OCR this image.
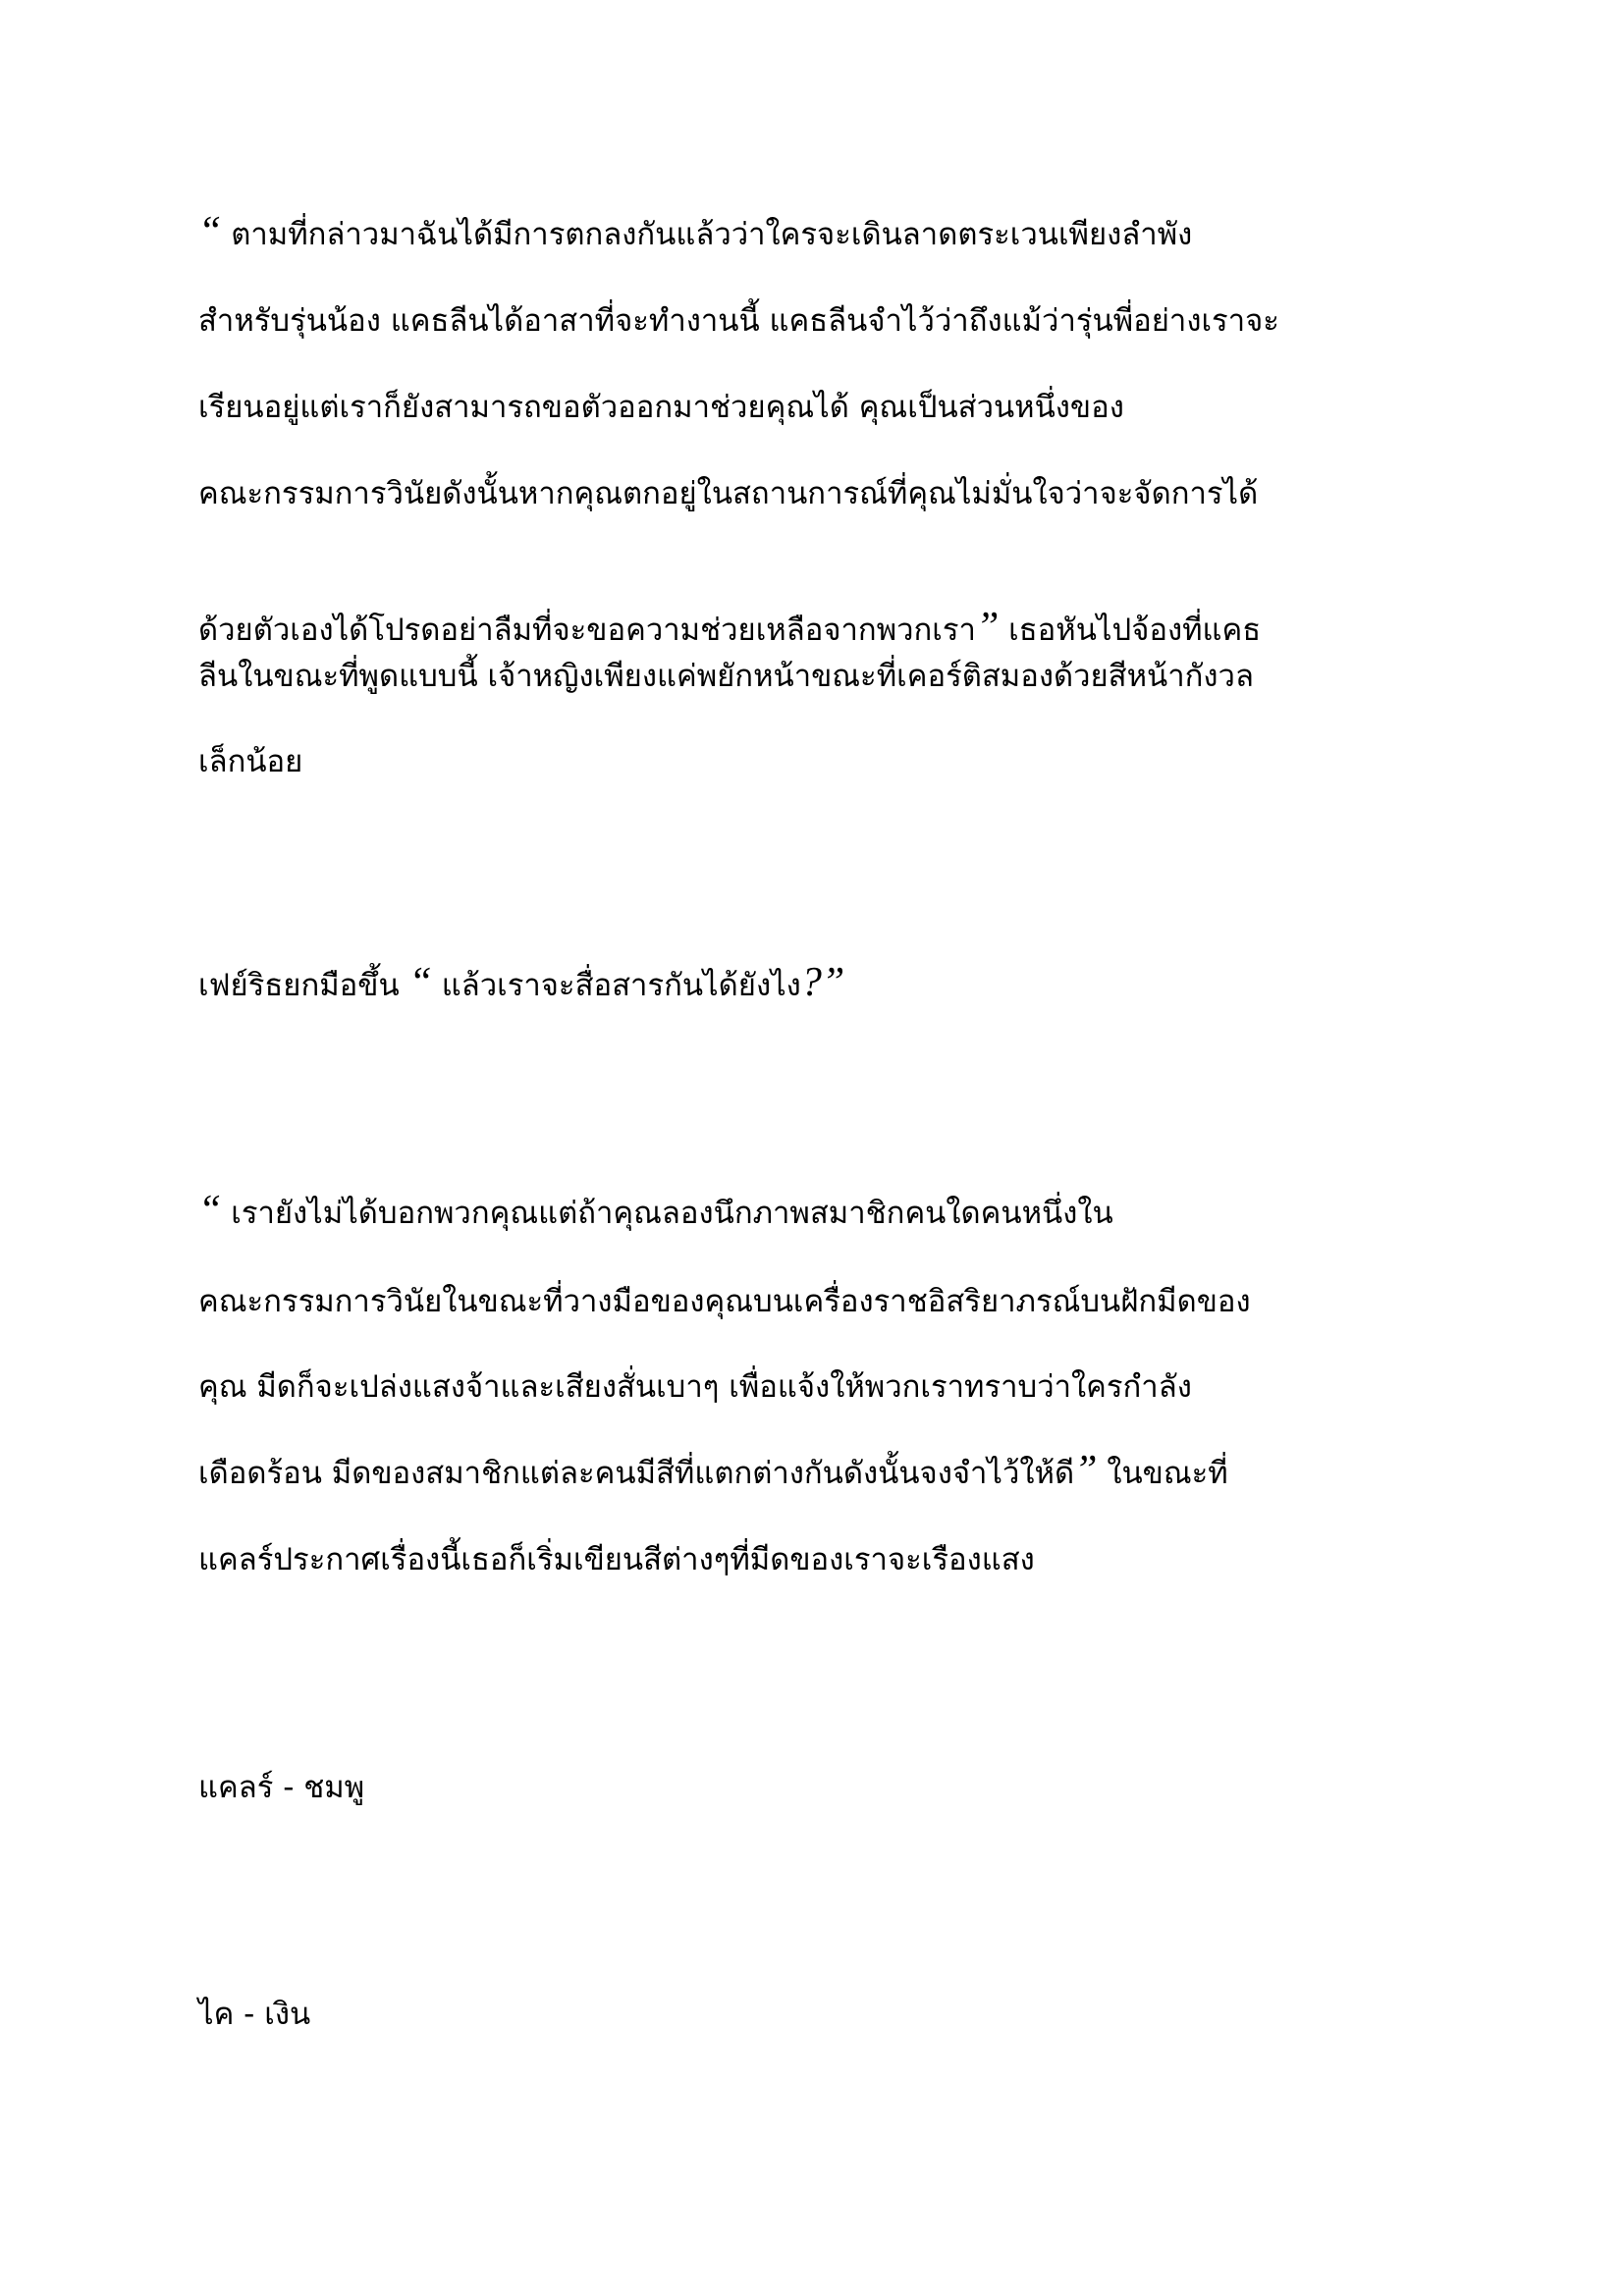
“ ตามที่กล่าวมาฉันได้มีการตกลงกันแล้วว่าใครจะเดินลาดตระเวนเพียงลำพัง
สำหรับรุ่นน้อง แคธลีนได้อาสาที่จะทำงานนี้ แคธลีนจำไว้ว่าถึงแม้ว่ารุ่นพี่อย่างเราจะ
เรียนอยู่แต่เราก็ยังสามารถขอตัวออกมาช่วยคุณได้ คุณเป็นส่วนหนึ่งของ
คณะกรรมการวินัยดังนั้นหากคุณตกอยู่ในสถานการณ์ที่คุณไม่มั่นใจว่าจะจัดการได้
ด้วยตัวเองได้โปรดอย่าลืมที่จะขอความช่วยเหลือจากพวกเรา” เธอหันไปจ้องที่แคธ
ลีนในขณะที่พูดแบบนี้ เจ้าหญิงเพียงแค่พยักหน้าขณะที่เคอร์ติสมองด้วยสีหน้ากังวล
เล็กน้อย
เฟย์ริธยกมือขึ้น “ แล้วเราจะสื่อสารกันได้ยังไง?”
“ เรายังไม่ได้บอกพวกคุณแต่ถ้าคุณลองนึกภาพสมาชิกคนใดคนหนึ่งใน
คณะกรรมการวินัยในขณะที่วางมือของคุณบนเครื่องราชอิสริยาภรณ์บนฝักมีดของ
คุณ มีดก็จะเปล่งแสงจ้าและเสียงสั่นเบาๆ เพื่อแจ้งให้พวกเราทราบว่าใครกำลัง
เดือดร้อน มีดของสมาชิกแต่ละคนมีสีที่แตกต่างกันดังนั้นจงจำไว้ให้ดี” ในขณะที่
แคลร์ประกาศเรื่องนี้เธอก็เริ่มเขียนสีต่างๆที่มีดของเราจะเรืองแสง
แคลร์ - ชมพู
ไค - เงิน
